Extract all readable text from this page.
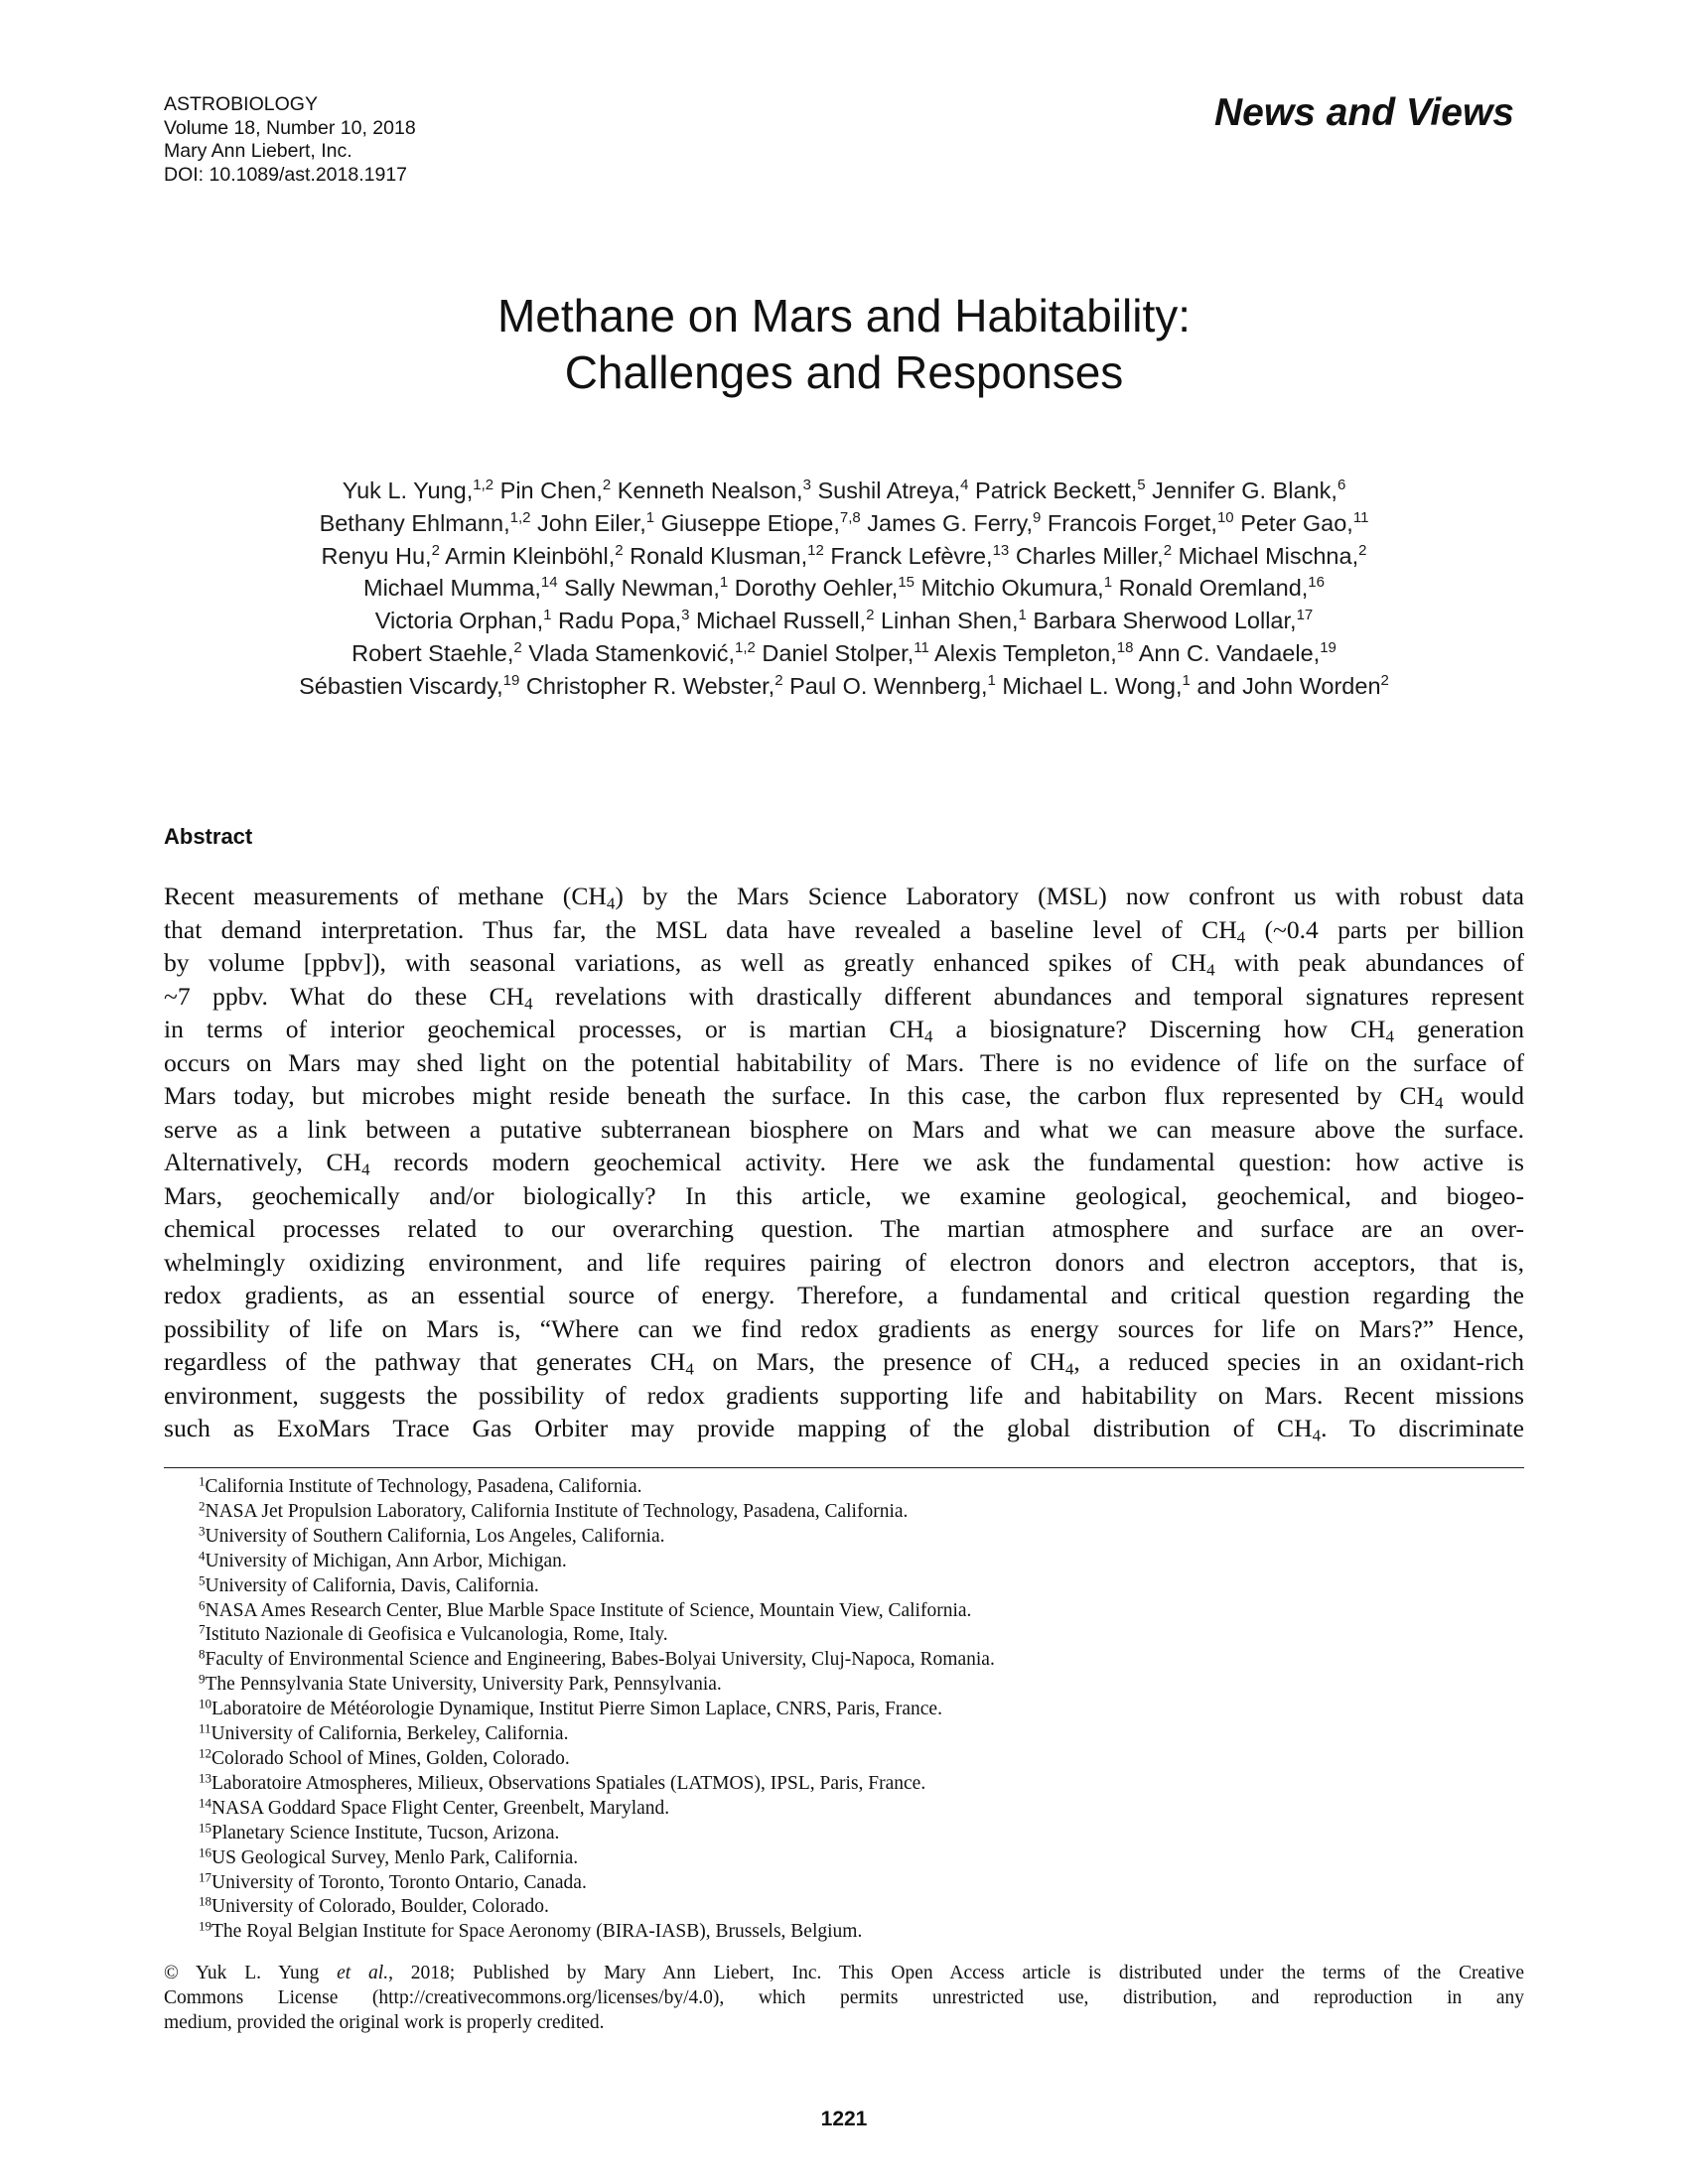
ASTROBIOLOGY
Volume 18, Number 10, 2018
Mary Ann Liebert, Inc.
DOI: 10.1089/ast.2018.1917
News and Views
Methane on Mars and Habitability:
Challenges and Responses
Yuk L. Yung,$^{1,2}$ Pin Chen,$^2$ Kenneth Nealson,$^3$ Sushil Atreya,$^4$ Patrick Beckett,$^5$ Jennifer G. Blank,$^6$
Bethany Ehlmann,$^{1,2}$ John Eiler,$^1$ Giuseppe Etiope,$^{7,8}$ James G. Ferry,$^9$ Francois Forget,$^{10}$ Peter Gao,$^{11}$
Renyu Hu,$^2$ Armin Kleinböhl,$^2$ Ronald Klusman,$^{12}$ Franck Lefèvre,$^{13}$ Charles Miller,$^2$ Michael Mischna,$^2$
Michael Mumma,$^{14}$ Sally Newman,$^1$ Dorothy Oehler,$^{15}$ Mitchio Okumura,$^1$ Ronald Oremland,$^{16}$
Victoria Orphan,$^1$ Radu Popa,$^3$ Michael Russell,$^2$ Linhan Shen,$^1$ Barbara Sherwood Lollar,$^{17}$
Robert Staehle,$^2$ Vlada Stamenković,$^{1,2}$ Daniel Stolper,$^{11}$ Alexis Templeton,$^{18}$ Ann C. Vandaele,$^{19}$
Sébastien Viscardy,$^{19}$ Christopher R. Webster,$^2$ Paul O. Wennberg,$^1$ Michael L. Wong,$^1$ and John Worden$^2$
Abstract
Recent measurements of methane $(CH_4)$ by the Mars Science Laboratory (MSL) now confront us with robust data
that demand interpretation. Thus far, the MSL data have revealed a baseline level of $CH_4$ (~0.4 parts per billion
by volume [ppbv]), with seasonal variations, as well as greatly enhanced spikes of $CH_4$ with peak abundances of
~7 ppbv. What do these $CH_4$ revelations with drastically different abundances and temporal signatures represent
in terms of interior geochemical processes, or is martian $CH_4$ a biosignature? Discerning how $CH_4$ generation
occurs on Mars may shed light on the potential habitability of Mars. There is no evidence of life on the surface of
Mars today, but microbes might reside beneath the surface. In this case, the carbon flux represented by $CH_4$ would
serve as a link between a putative subterranean biosphere on Mars and what we can measure above the surface.
Alternatively, $CH_4$ records modern geochemical activity. Here we ask the fundamental question: how active is
Mars, geochemically and/or biologically? In this article, we examine geological, geochemical, and biogeo-
chemical processes related to our overarching question. The martian atmosphere and surface are an over-
whelmingly oxidizing environment, and life requires pairing of electron donors and electron acceptors, that is,
redox gradients, as an essential source of energy. Therefore, a fundamental and critical question regarding the
possibility of life on Mars is, “Where can we find redox gradients as energy sources for life on Mars?” Hence,
regardless of the pathway that generates $CH_4$ on Mars, the presence of $CH_4$, a reduced species in an oxidant-rich
environment, suggests the possibility of redox gradients supporting life and habitability on Mars. Recent missions
such as ExoMars Trace Gas Orbiter may provide mapping of the global distribution of $CH_4$. To discriminate
$^1$California Institute of Technology, Pasadena, California.
$^2$NASA Jet Propulsion Laboratory, California Institute of Technology, Pasadena, California.
$^3$University of Southern California, Los Angeles, California.
$^4$University of Michigan, Ann Arbor, Michigan.
$^5$University of California, Davis, California.
$^6$NASA Ames Research Center, Blue Marble Space Institute of Science, Mountain View, California.
$^7$Istituto Nazionale di Geofisica e Vulcanologia, Rome, Italy.
$^8$Faculty of Environmental Science and Engineering, Babes-Bolyai University, Cluj-Napoca, Romania.
$^9$The Pennsylvania State University, University Park, Pennsylvania.
$^{10}$Laboratoire de Météorologie Dynamique, Institut Pierre Simon Laplace, CNRS, Paris, France.
$^{11}$University of California, Berkeley, California.
$^{12}$Colorado School of Mines, Golden, Colorado.
$^{13}$Laboratoire Atmospheres, Milieux, Observations Spatiales (LATMOS), IPSL, Paris, France.
$^{14}$NASA Goddard Space Flight Center, Greenbelt, Maryland.
$^{15}$Planetary Science Institute, Tucson, Arizona.
$^{16}$US Geological Survey, Menlo Park, California.
$^{17}$University of Toronto, Toronto Ontario, Canada.
$^{18}$University of Colorado, Boulder, Colorado.
$^{19}$The Royal Belgian Institute for Space Aeronomy (BIRA-IASB), Brussels, Belgium.
© Yuk L. Yung et al., 2018; Published by Mary Ann Liebert, Inc. This Open Access article is distributed under the terms of the Creative
Commons License (http://creativecommons.org/licenses/by/4.0), which permits unrestricted use, distribution, and reproduction in any
medium, provided the original work is properly credited.
1221
